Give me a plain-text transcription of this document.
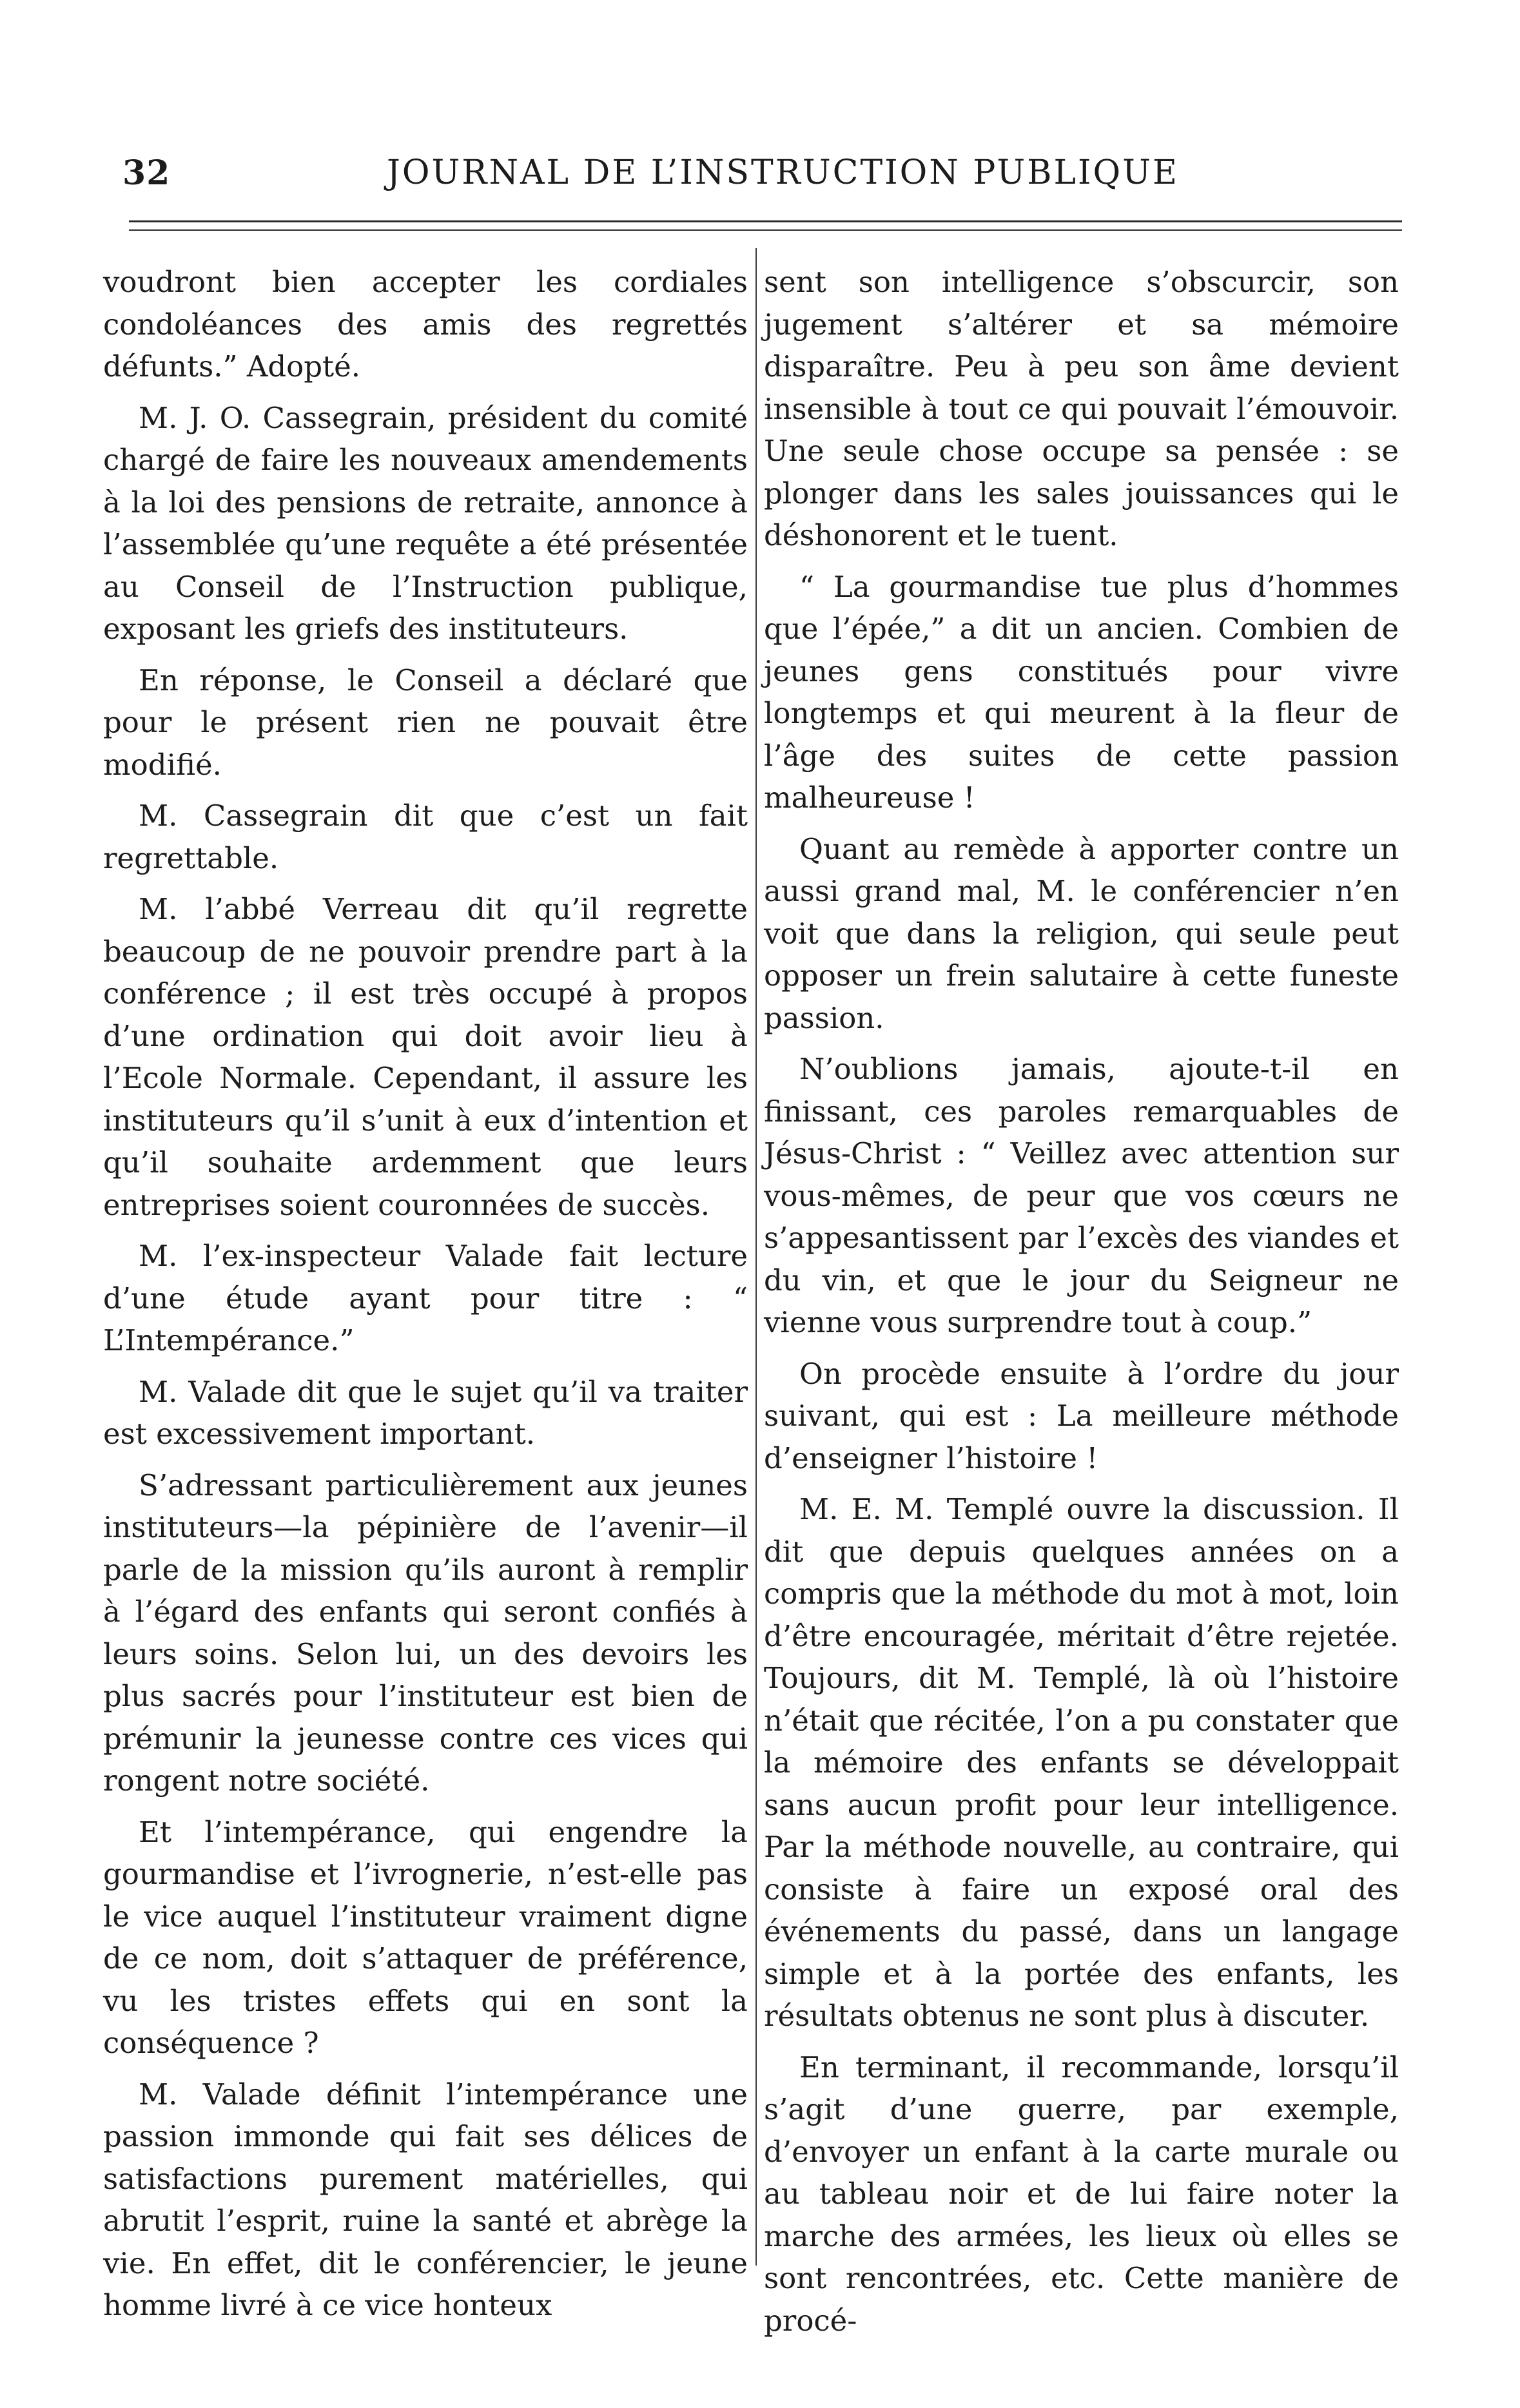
32	JOURNAL DE L’INSTRUCTION PUBLIQUE

voudront bien accepter les cordiales condoléances des amis des regrettés défunts.” Adopté.

M. J. O. Cassegrain, président du comité chargé de faire les nouveaux amendements à la loi des pensions de retraite, annonce à l’assemblée qu’une requête a été présentée au Conseil de l’Instruction publique, exposant les griefs des instituteurs.

En réponse, le Conseil a déclaré que pour le présent rien ne pouvait être modifié.

M. Cassegrain dit que c’est un fait regrettable.

M. l’abbé Verreau dit qu’il regrette beaucoup de ne pouvoir prendre part à la conférence ; il est très occupé à propos d’une ordination qui doit avoir lieu à l’Ecole Normale. Cependant, il assure les instituteurs qu’il s’unit à eux d’intention et qu’il souhaite ardemment que leurs entreprises soient couronnées de succès.

M. l’ex-inspecteur Valade fait lecture d’une étude ayant pour titre : “ L’Intempérance.”

M. Valade dit que le sujet qu’il va traiter est excessivement important.

S’adressant particulièrement aux jeunes instituteurs—la pépinière de l’avenir—il parle de la mission qu’ils auront à remplir à l’égard des enfants qui seront confiés à leurs soins. Selon lui, un des devoirs les plus sacrés pour l’instituteur est bien de prémunir la jeunesse contre ces vices qui rongent notre société.

Et l’intempérance, qui engendre la gourmandise et l’ivrognerie, n’est-elle pas le vice auquel l’instituteur vraiment digne de ce nom, doit s’attaquer de préférence, vu les tristes effets qui en sont la conséquence ?

M. Valade définit l’intempérance une passion immonde qui fait ses délices de satisfactions purement matérielles, qui abrutit l’esprit, ruine la santé et abrège la vie. En effet, dit le conférencier, le jeune homme livré à ce vice honteux

sent son intelligence s’obscurcir, son jugement s’altérer et sa mémoire disparaître. Peu à peu son âme devient insensible à tout ce qui pouvait l’émouvoir. Une seule chose occupe sa pensée : se plonger dans les sales jouissances qui le déshonorent et le tuent.

“ La gourmandise tue plus d’hommes que l’épée,” a dit un ancien. Combien de jeunes gens constitués pour vivre longtemps et qui meurent à la fleur de l’âge des suites de cette passion malheureuse !

Quant au remède à apporter contre un aussi grand mal, M. le conférencier n’en voit que dans la religion, qui seule peut opposer un frein salutaire à cette funeste passion.

N’oublions jamais, ajoute-t-il en finissant, ces paroles remarquables de Jésus-Christ : “ Veillez avec attention sur vous-mêmes, de peur que vos cœurs ne s’appesantissent par l’excès des viandes et du vin, et que le jour du Seigneur ne vienne vous surprendre tout à coup.”

On procède ensuite à l’ordre du jour suivant, qui est : La meilleure méthode d’enseigner l’histoire !

M. E. M. Templé ouvre la discussion. Il dit que depuis quelques années on a compris que la méthode du mot à mot, loin d’être encouragée, méritait d’être rejetée. Toujours, dit M. Templé, là où l’histoire n’était que récitée, l’on a pu constater que la mémoire des enfants se développait sans aucun profit pour leur intelligence. Par la méthode nouvelle, au contraire, qui consiste à faire un exposé oral des événements du passé, dans un langage simple et à la portée des enfants, les résultats obtenus ne sont plus à discuter.

En terminant, il recommande, lorsqu’il s’agit d’une guerre, par exemple, d’envoyer un enfant à la carte murale ou au tableau noir et de lui faire noter la marche des armées, les lieux où elles se sont rencontrées, etc. Cette manière de procé-
